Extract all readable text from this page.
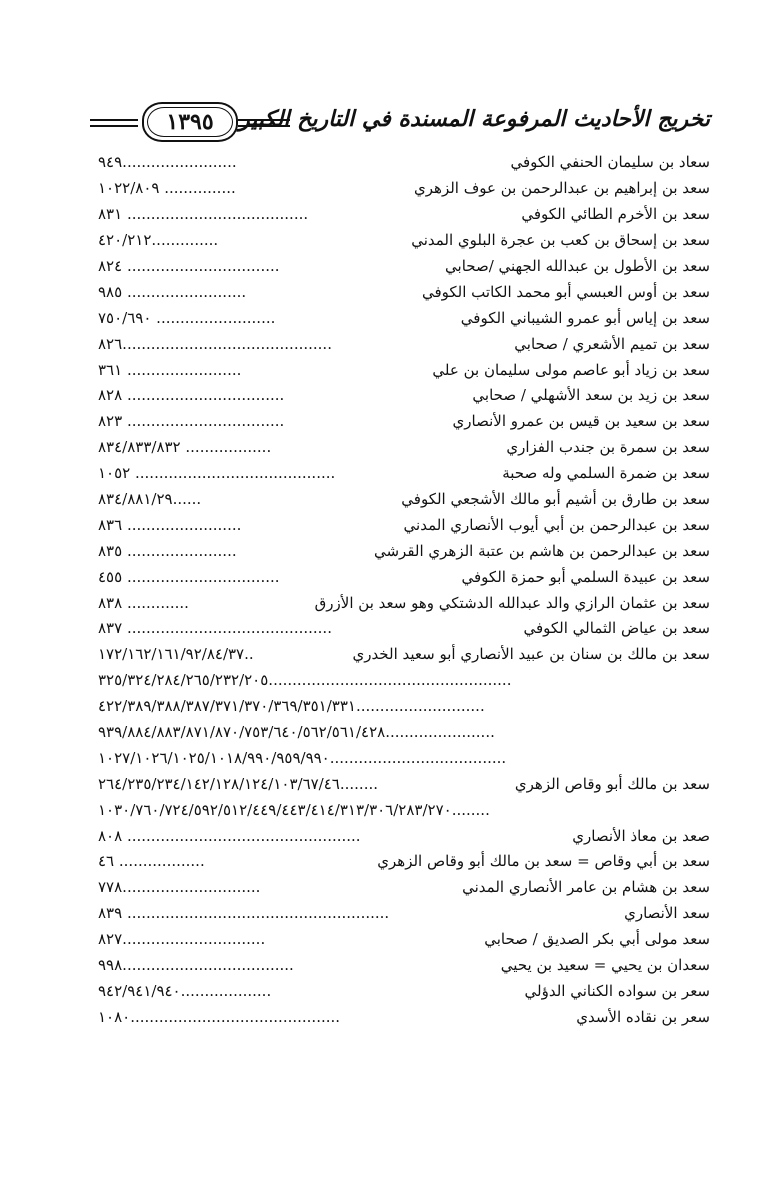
تخريج الأحاديث المرفوعة المسندة في التاريخ الكبير
١٣٩٥
سعاد بن سليمان الحنفي الكوفي
........................٩٤٩
سعد بن إبراهيم بن عبدالرحمن بن عوف الزهري
............... ١٠٢٢/٨٠٩
سعد بن الأخرم الطائي الكوفي
...................................... ٨٣١
سعد بن إسحاق بن كعب بن عجرة البلوي المدني
..............٤٢٠/٢١٢
سعد بن الأطول بن عبدالله الجهني /صحابي
................................ ٨٢٤
سعد بن أوس العبسي أبو محمد الكاتب الكوفي
......................... ٩٨٥
سعد بن إياس أبو عمرو الشيباني الكوفي
......................... ٧٥٠/٦٩٠
سعد بن تميم الأشعري / صحابي
............................................٨٢٦
سعد بن زياد أبو عاصم مولى سليمان بن علي
........................ ٣٦١
سعد بن زيد بن سعد الأشهلي / صحابي
................................. ٨٢٨
سعد بن سعيد بن قيس بن عمرو الأنصاري
................................. ٨٢٣
سعد بن سمرة بن جندب الفزاري
.................. ٨٣٤/٨٣٣/٨٣٢
سعد بن ضمرة السلمي وله صحبة
.......................................... ١٠٥٢
سعد بن طارق بن أشيم أبو مالك الأشجعي الكوفي
......٨٣٤/٨٨١/٢٩
سعد بن عبدالرحمن بن أبي أيوب الأنصاري المدني
........................ ٨٣٦
سعد بن عبدالرحمن بن هاشم بن عتبة الزهري القرشي
....................... ٨٣٥
سعد بن عبيدة السلمي أبو حمزة الكوفي
................................ ٤٥٥
سعد بن عثمان الرازي والد عبدالله الدشتكي وهو سعد بن الأزرق
............. ٨٣٨
سعد بن عياض الثمالي الكوفي
........................................... ٨٣٧
سعد بن مالك بن سنان بن عبيد الأنصاري أبو سعيد الخدري
..١٧٢/١٦٢/١٦١/٩٢/٨٤/٣٧
...................................................٣٢٥/٣٢٤/٢٨٤/٢٦٥/٢٣٢/٢٠٥
...........................٤٢٢/٣٨٩/٣٨٨/٣٨٧/٣٧١/٣٧٠/٣٦٩/٣٥١/٣٣١
.......................٩٣٩/٨٨٤/٨٨٣/٨٧١/٨٧٠/٧٥٣/٦٤٠/٥٦٢/٥٦١/٤٢٨
.....................................١٠٢٧/١٠٢٦/١٠٢٥/١٠١٨/٩٩٠/٩٥٩/٩٩٠
سعد بن مالك أبو وقاص الزهري
........٢٦٤/٢٣٥/٢٣٤/١٤٢/١٢٨/١٢٤/١٠٣/٦٧/٤٦
........١٠٣٠/٧٦٠/٧٢٤/٥٩٢/٥١٢/٤٤٩/٤٤٣/٤١٤/٣١٣/٣٠٦/٢٨٣/٢٧٠
صعد بن معاذ الأنصاري
................................................. ٨٠٨
سعد بن أبي وقاص = سعد بن مالك أبو وقاص الزهري
.................. ٤٦
سعد بن هشام بن عامر الأنصاري المدني
.............................٧٧٨
سعد الأنصاري
....................................................... ٨٣٩
سعد مولى أبي بكر الصديق / صحابي
..............................٨٢٧
سعدان بن يحيي = سعيد بن يحيي
....................................٩٩٨
سعر بن سواده الكناني الدؤلي
...................٩٤٢/٩٤١/٩٤٠
سعر بن نقاده الأسدي
............................................١٠٨٠
